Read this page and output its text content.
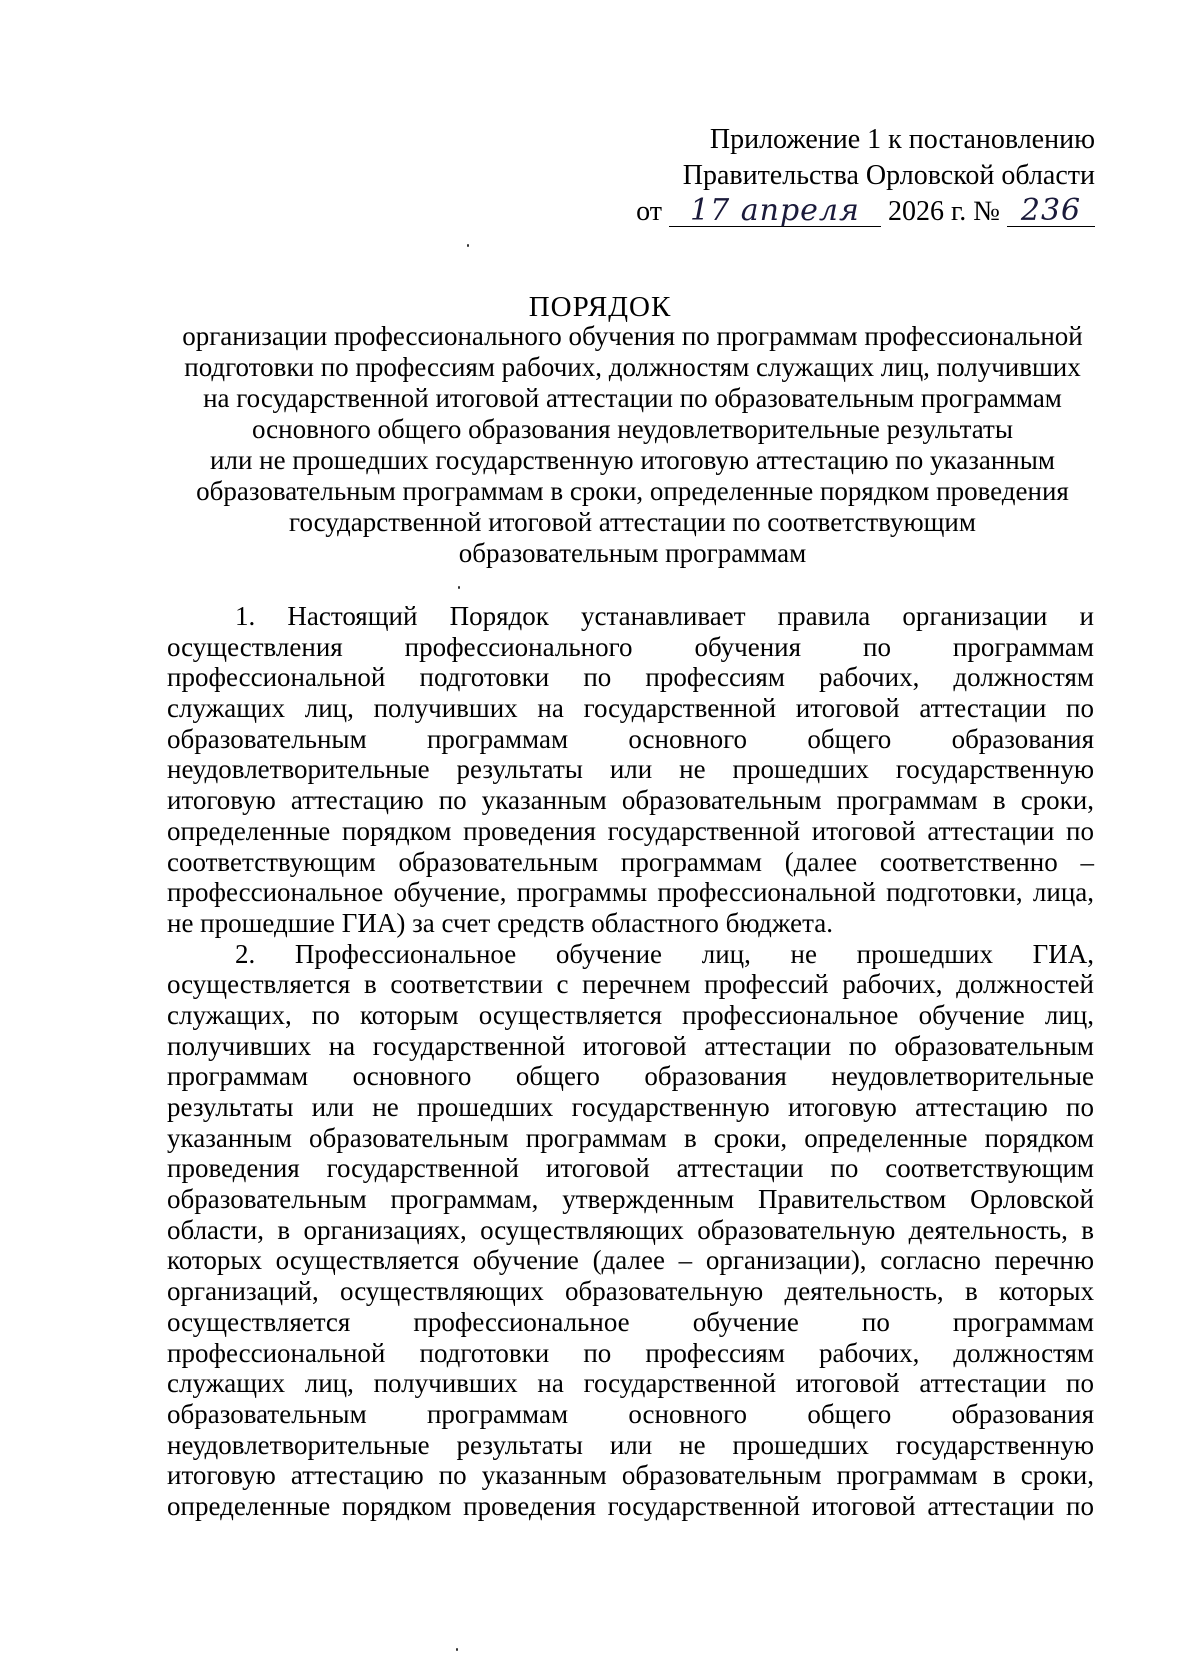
Приложение 1 к постановлению
Правительства Орловской области
от 17 апреля 2026 г. № 236
ПОРЯДОК
организации профессионального обучения по программам профессиональной
подготовки по профессиям рабочих, должностям служащих лиц, получивших
на государственной итоговой аттестации по образовательным программам
основного общего образования неудовлетворительные результаты
или не прошедших государственную итоговую аттестацию по указанным
образовательным программам в сроки, определенные порядком проведения
государственной итоговой аттестации по соответствующим
образовательным программам
1. Настоящий Порядок устанавливает правила организации и
осуществления профессионального обучения по программам
профессиональной подготовки по профессиям рабочих, должностям
служащих лиц, получивших на государственной итоговой аттестации по
образовательным программам основного общего образования
неудовлетворительные результаты или не прошедших государственную
итоговую аттестацию по указанным образовательным программам в сроки,
определенные порядком проведения государственной итоговой аттестации по
соответствующим образовательным программам (далее соответственно –
профессиональное обучение, программы профессиональной подготовки, лица,
не прошедшие ГИА) за счет средств областного бюджета.
2. Профессиональное обучение лиц, не прошедших ГИА,
осуществляется в соответствии с перечнем профессий рабочих, должностей
служащих, по которым осуществляется профессиональное обучение лиц,
получивших на государственной итоговой аттестации по образовательным
программам основного общего образования неудовлетворительные
результаты или не прошедших государственную итоговую аттестацию по
указанным образовательным программам в сроки, определенные порядком
проведения государственной итоговой аттестации по соответствующим
образовательным программам, утвержденным Правительством Орловской
области, в организациях, осуществляющих образовательную деятельность, в
которых осуществляется обучение (далее – организации), согласно перечню
организаций, осуществляющих образовательную деятельность, в которых
осуществляется профессиональное обучение по программам
профессиональной подготовки по профессиям рабочих, должностям
служащих лиц, получивших на государственной итоговой аттестации по
образовательным программам основного общего образования
неудовлетворительные результаты или не прошедших государственную
итоговую аттестацию по указанным образовательным программам в сроки,
определенные порядком проведения государственной итоговой аттестации по
